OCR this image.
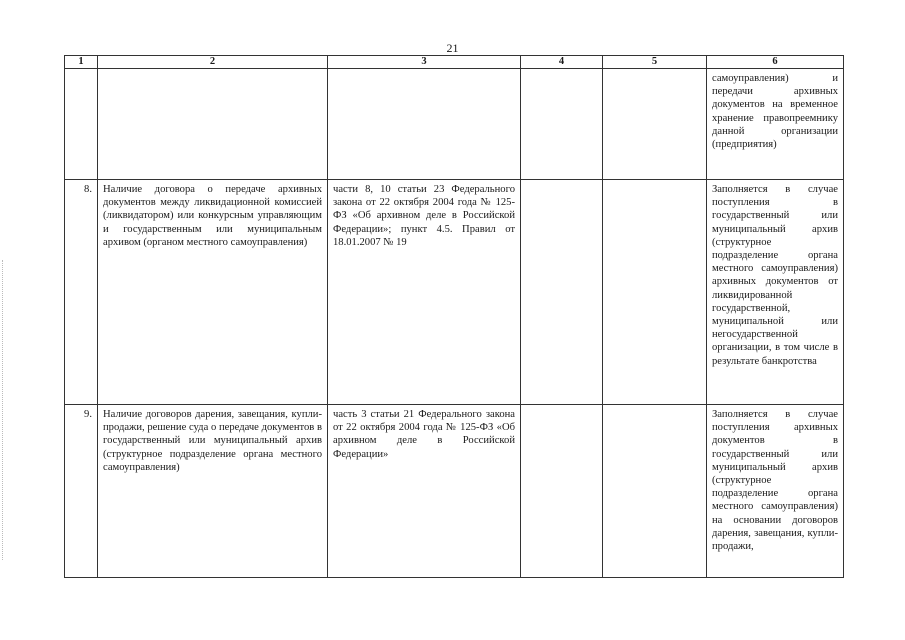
21
1	2	3	4	5	6
					самоуправления) и передачи архивных документов на временное хранение правопреемнику данной организации (предприятия)
8.	Наличие договора о передаче архивных документов между ликвидационной комиссией (ликвидатором) или конкурсным управляющим и государственным или муниципальным архивом (органом местного самоуправления)	части 8, 10 статьи 23 Федерального закона от 22 октября 2004 года № 125-ФЗ «Об архивном деле в Российской Федерации»; пункт 4.5. Правил от 18.01.2007 № 19			Заполняется в случае поступления в государственный или муниципальный архив (структурное подразделение органа местного самоуправления) архивных документов от ликвидированной государственной, муниципальной или негосударственной организации, в том числе в результате банкротства
9.	Наличие договоров дарения, завещания, купли-продажи, решение суда о передаче документов в государственный или муниципальный архив (структурное подразделение органа местного самоуправления)	часть 3 статьи 21 Федерального закона от 22 октября 2004 года № 125-ФЗ «Об архивном деле в Российской Федерации»			Заполняется в случае поступления архивных документов в государственный или муниципальный архив (структурное подразделение органа местного самоуправления) на основании договоров дарения, завещания, купли-продажи,
